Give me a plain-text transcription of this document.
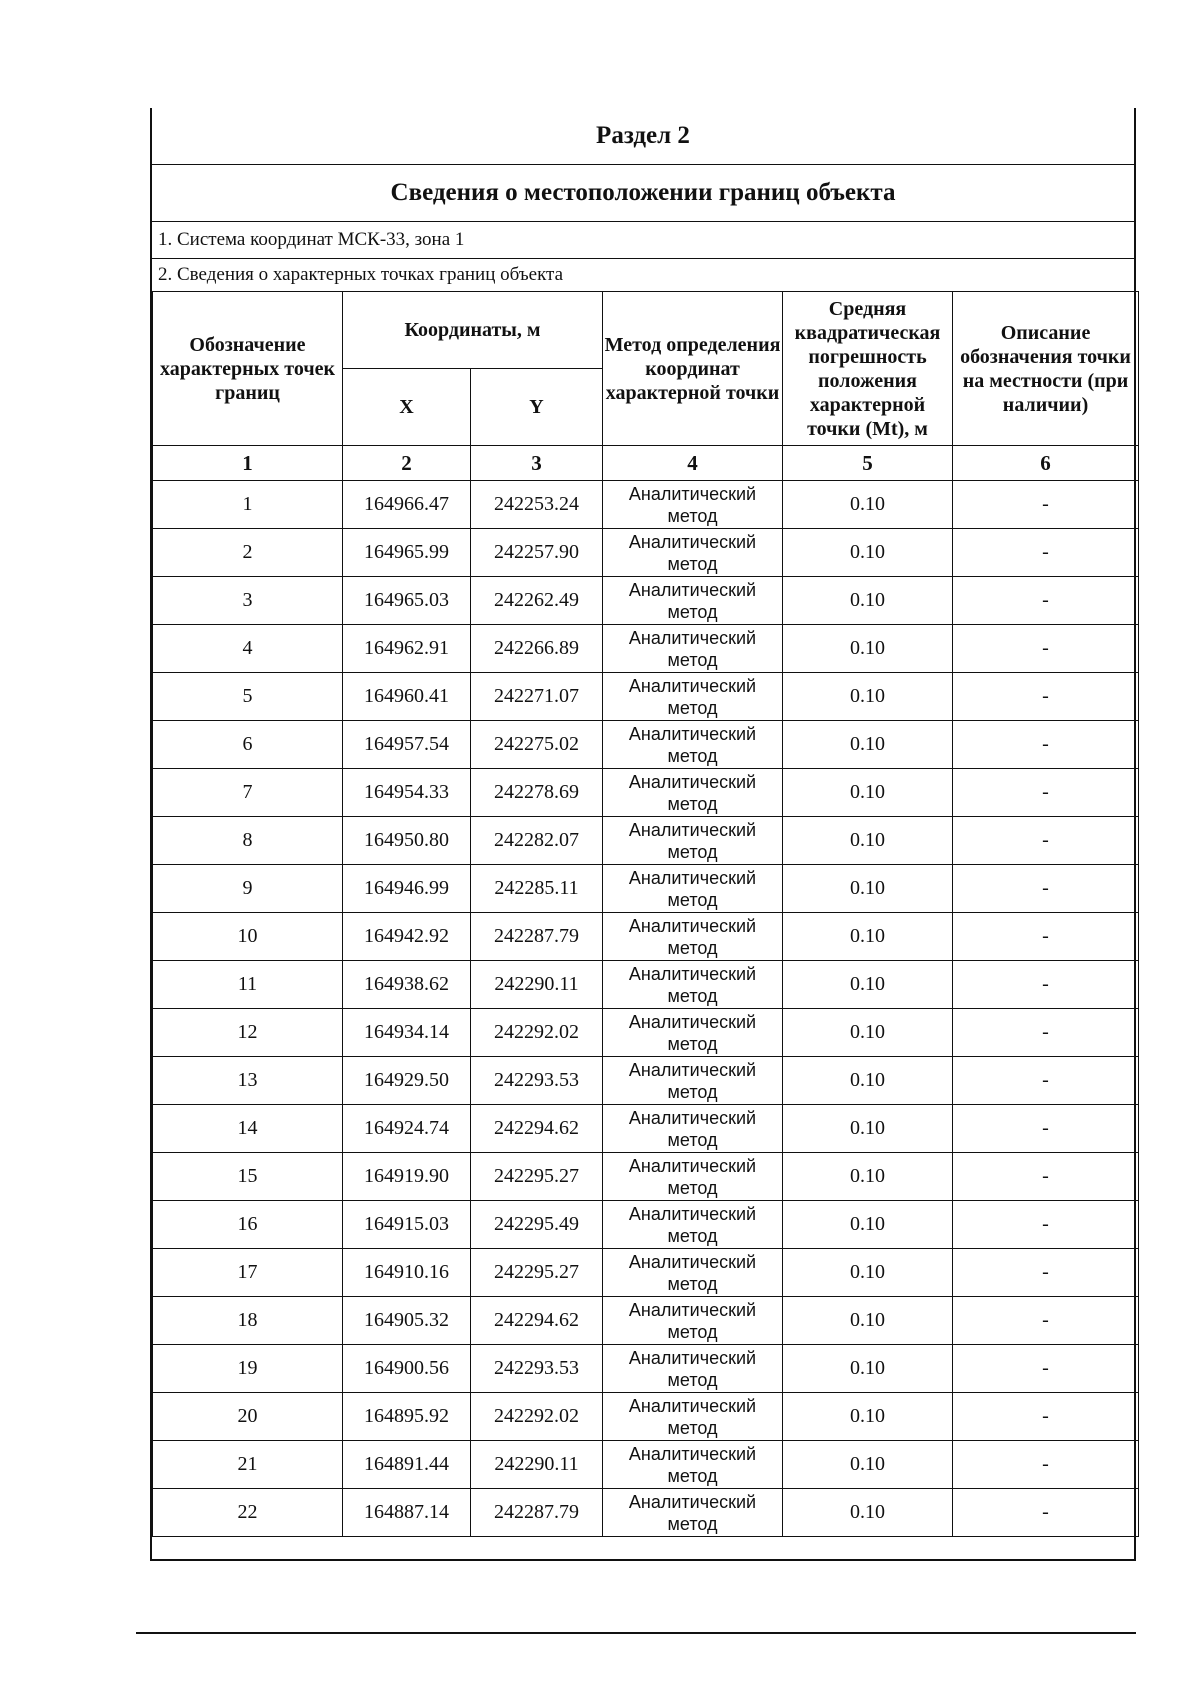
Раздел 2
Сведения о местоположении границ объекта
1. Система координат МСК-33, зона 1
2. Сведения о характерных точках границ объекта
Обозначение характерных точек границ	Координаты, м		Метод определения координат характерной точки	Средняя квадратическая погрешность положения характерной точки (Mt), м	Описание обозначения точки на местности (при наличии)
	X	Y			
1	2	3	4	5	6
1	164966.47	242253.24	Аналитический метод	0.10	-
2	164965.99	242257.90	Аналитический метод	0.10	-
3	164965.03	242262.49	Аналитический метод	0.10	-
4	164962.91	242266.89	Аналитический метод	0.10	-
5	164960.41	242271.07	Аналитический метод	0.10	-
6	164957.54	242275.02	Аналитический метод	0.10	-
7	164954.33	242278.69	Аналитический метод	0.10	-
8	164950.80	242282.07	Аналитический метод	0.10	-
9	164946.99	242285.11	Аналитический метод	0.10	-
10	164942.92	242287.79	Аналитический метод	0.10	-
11	164938.62	242290.11	Аналитический метод	0.10	-
12	164934.14	242292.02	Аналитический метод	0.10	-
13	164929.50	242293.53	Аналитический метод	0.10	-
14	164924.74	242294.62	Аналитический метод	0.10	-
15	164919.90	242295.27	Аналитический метод	0.10	-
16	164915.03	242295.49	Аналитический метод	0.10	-
17	164910.16	242295.27	Аналитический метод	0.10	-
18	164905.32	242294.62	Аналитический метод	0.10	-
19	164900.56	242293.53	Аналитический метод	0.10	-
20	164895.92	242292.02	Аналитический метод	0.10	-
21	164891.44	242290.11	Аналитический метод	0.10	-
22	164887.14	242287.79	Аналитический метод	0.10	-
